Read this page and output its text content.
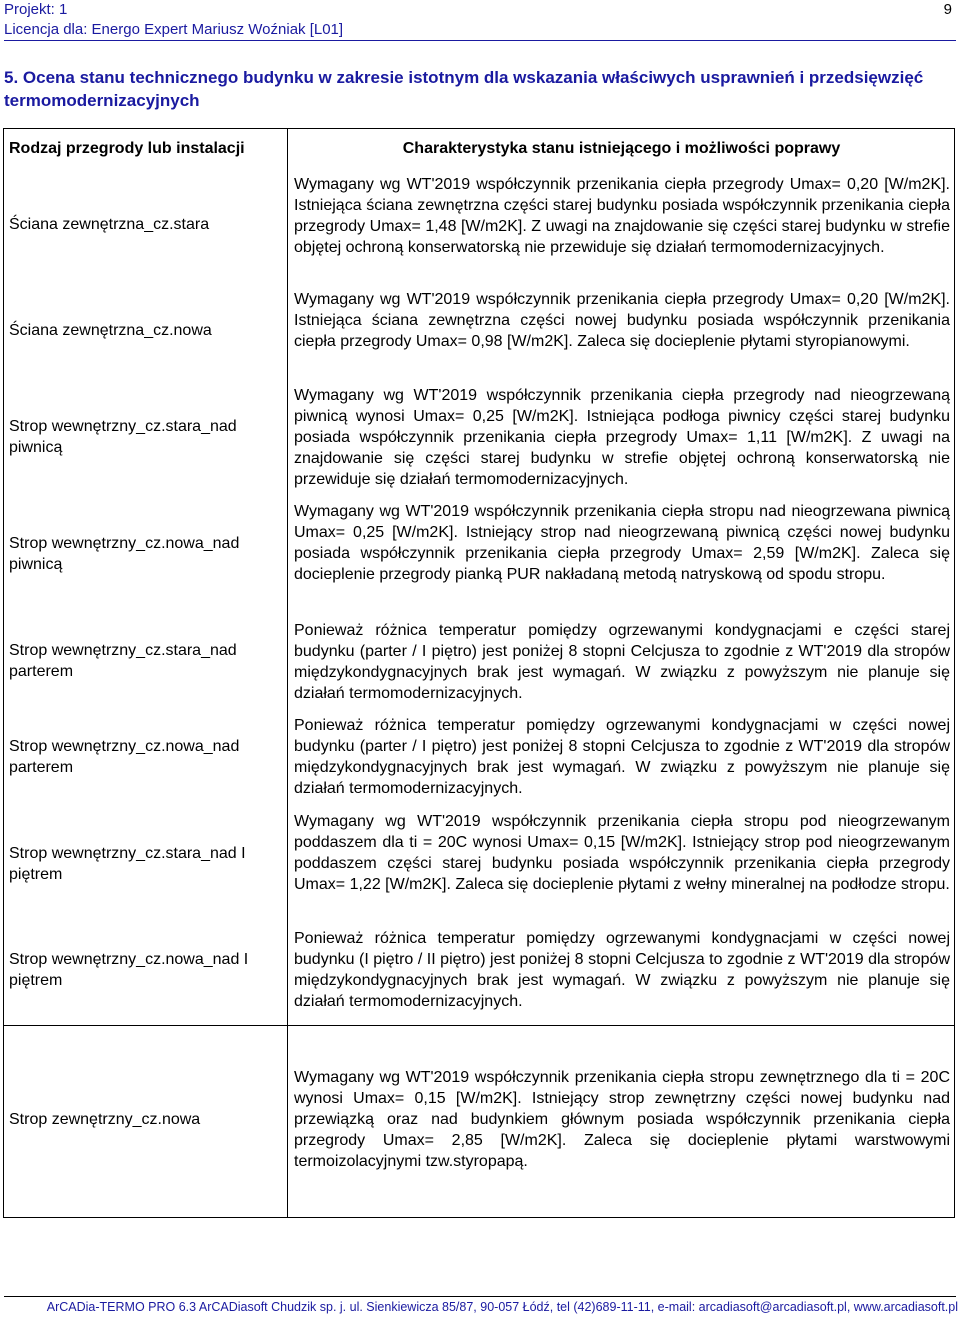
Projekt: 1
Licencja dla: Energo Expert Mariusz Woźniak [L01]
9
5. Ocena stanu technicznego budynku w zakresie istotnym dla wskazania właściwych usprawnień i przedsięwzięć termomodernizacyjnych
Rodzaj przegrody lub instalacji	Charakterystyka stanu istniejącego i możliwości poprawy
Ściana zewnętrzna_cz.stara
Wymagany wg WT'2019 współczynnik przenikania ciepła przegrody Umax= 0,20 [W/m2K]. Istniejąca ściana zewnętrzna części starej budynku posiada współczynnik przenikania ciepła przegrody Umax= 1,48 [W/m2K]. Z uwagi na znajdowanie się części starej budynku w strefie objętej ochroną konserwatorską nie przewiduje się działań termomodernizacyjnych.
Ściana zewnętrzna_cz.nowa
Wymagany wg WT'2019 współczynnik przenikania ciepła przegrody Umax= 0,20 [W/m2K]. Istniejąca ściana zewnętrzna części nowej budynku posiada współczynnik przenikania ciepła przegrody Umax= 0,98 [W/m2K]. Zaleca się docieplenie płytami styropianowymi.
Strop wewnętrzny_cz.stara_nad piwnicą
Wymagany wg WT'2019 współczynnik przenikania ciepła przegrody nad nieogrzewaną piwnicą wynosi Umax= 0,25 [W/m2K]. Istniejąca podłoga piwnicy części starej budynku posiada współczynnik przenikania ciepła przegrody Umax= 1,11 [W/m2K]. Z uwagi na znajdowanie się części starej budynku w strefie objętej ochroną konserwatorską nie przewiduje się działań termomodernizacyjnych.
Strop wewnętrzny_cz.nowa_nad piwnicą
Wymagany wg WT'2019 współczynnik przenikania ciepła stropu nad nieogrzewana piwnicą Umax= 0,25 [W/m2K]. Istniejący strop nad nieogrzewaną piwnicą części nowej budynku posiada współczynnik przenikania ciepła przegrody Umax= 2,59 [W/m2K]. Zaleca się docieplenie przegrody pianką PUR nakładaną metodą natryskową od spodu stropu.
Strop wewnętrzny_cz.stara_nad parterem
Ponieważ różnica temperatur pomiędzy ogrzewanymi kondygnacjami e części starej budynku (parter / I piętro) jest poniżej 8 stopni Celcjusza to zgodnie z WT'2019 dla stropów międzykondygnacyjnych brak jest wymagań. W związku z powyższym nie planuje się działań termomodernizacyjnych.
Strop wewnętrzny_cz.nowa_nad parterem
Ponieważ różnica temperatur pomiędzy ogrzewanymi kondygnacjami w części nowej budynku (parter / I piętro) jest poniżej 8 stopni Celcjusza to zgodnie z WT'2019 dla stropów międzykondygnacyjnych brak jest wymagań. W związku z powyższym nie planuje się działań termomodernizacyjnych.
Strop wewnętrzny_cz.stara_nad I piętrem
Wymagany wg WT'2019 współczynnik przenikania ciepła stropu pod nieogrzewanym poddaszem dla ti = 20C wynosi Umax= 0,15 [W/m2K]. Istniejący strop pod nieogrzewanym poddaszem części starej budynku posiada współczynnik przenikania ciepła przegrody Umax= 1,22 [W/m2K]. Zaleca się docieplenie płytami z wełny mineralnej na podłodze stropu.
Strop wewnętrzny_cz.nowa_nad I piętrem
Ponieważ różnica temperatur pomiędzy ogrzewanymi kondygnacjami w części nowej budynku (I piętro / II piętro) jest poniżej 8 stopni Celcjusza to zgodnie z WT'2019 dla stropów międzykondygnacyjnych brak jest wymagań. W związku z powyższym nie planuje się działań termomodernizacyjnych.
Strop zewnętrzny_cz.nowa
Wymagany wg WT'2019 współczynnik przenikania ciepła stropu zewnętrznego dla ti = 20C wynosi Umax= 0,15 [W/m2K]. Istniejący strop zewnętrzny części nowej budynku nad przewiązką oraz nad budynkiem głównym posiada współczynnik przenikania ciepła przegrody Umax= 2,85 [W/m2K]. Zaleca się docieplenie płytami warstwowymi termoizolacyjnymi tzw.styropapą.
ArCADia-TERMO PRO 6.3 ArCADiasoft Chudzik sp. j. ul. Sienkiewicza 85/87, 90-057 Łódź, tel (42)689-11-11, e-mail: arcadiasoft@arcadiasoft.pl, www.arcadiasoft.pl
